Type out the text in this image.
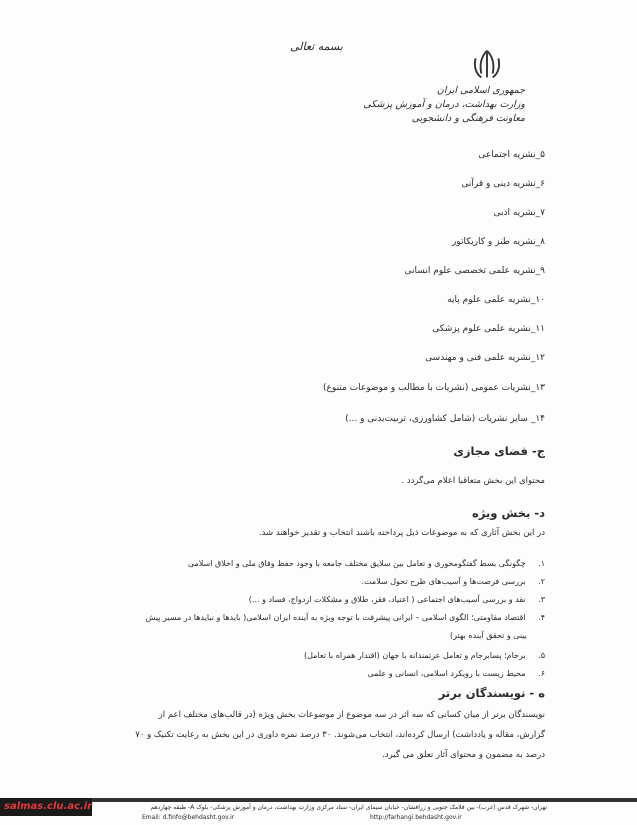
بسمه تعالی
جمهوری اسلامی ایران
وزارت بهداشت، درمان و آموزش پزشکی
معاونت فرهنگی و دانشجویی
۵_نشریه اجتماعی
۶_نشریه دینی و قرآنی
۷_نشریه ادبی
۸_نشریه طنز و کاریکاتور
۹_نشریه علمی تخصصی علوم انسانی
۱۰_نشریه علمی علوم پایه
۱۱_نشریه علمی علوم پزشکی
۱۲_نشریه علمی فنی و مهندسی
۱۳_نشریات عمومی (نشریات با مطالب و موضوعات متنوع)
۱۴_ سایر نشریات (شامل کشاورزی، تربیت‌بدنی و ...)
ج- فضای مجازی
محتوای این بخش متعاقبا اعلام می‌گردد .
د- بخش ویژه
در این بخش آثاری که به موضوعات ذیل پرداخته باشند انتخاب و تقدیر خواهند شد.
۱. چگونگی بسط گفتگومحوری و تعامل بین سلایق مختلف جامعه با وجود حفظ وفاق ملی و اخلاق اسلامی
۲. بررسی فرصت‌ها و آسیب‌های طرح تحول سلامت.
۳. نقد و بررسی آسیب‌های اجتماعی ( اعتیاد، فقر، طلاق و مشکلات ازدواج، فساد و ...)
۴. اقتصاد مقاومتی؛ الگوی اسلامی – ایرانی پیشرفت با توجه ویژه به آینده ایران اسلامی( بایدها و نبایدها در مسیر پیش
بینی و تحقق آینده بهتر)
۵. برجام؛ پسابرجام و تعامل عزتمندانه با جهان (اقتدار همراه با تعامل)
۶. محیط زیست با رویکرد اسلامی، انسانی و علمی
ه - نویسندگان برتر
نویسندگان برتر از میان کسانی که سه اثر در سه موضوع از موضوعات بخش ویژه (در قالب‌های مختلف اعم از
گزارش، مقاله و یادداشت) ارسال کرده‌اند، انتخاب می‌شوند. ۳۰ درصد نمره داوری در این بخش به رعایت تکنیک و ۷۰
درصد به مضمون و محتوای آثار تعلق می گیرد.
تهران- شهرک قدس (غرب)- بین فلامک جنوبی و زرافشان- خیابان سیمای ایران- ستاد مرکزی وزارت بهداشت، درمان و آموزش پزشکی- بلوک A- طبقه چهاردهم
Email: d.finfo@behdasht.gov.ir	http://farhangi.behdasht.gov.ir
salmas.clu.ac.ir
